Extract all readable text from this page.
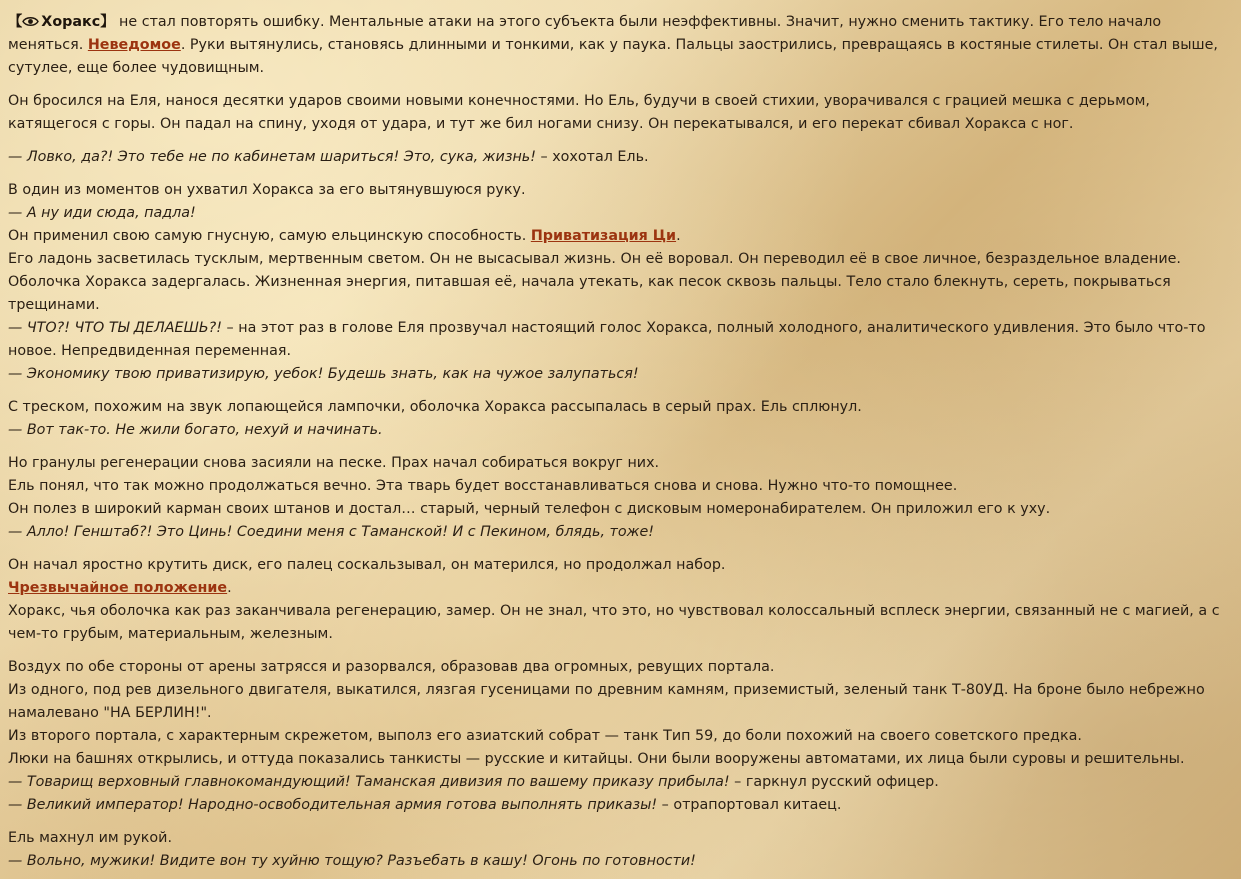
【 Хоракс】 не стал повторять ошибку. Ментальные атаки на этого субъекта были неэффективны. Значит, нужно сменить тактику. Его тело начало меняться. Неведомое. Руки вытянулись, становясь длинными и тонкими, как у паука. Пальцы заострились, превращаясь в костяные стилеты. Он стал выше, сутулее, еще более чудовищным.
Он бросился на Еля, нанося десятки ударов своими новыми конечностями. Но Ель, будучи в своей стихии, уворачивался с грацией мешка с дерьмом, катящегося с горы. Он падал на спину, уходя от удара, и тут же бил ногами снизу. Он перекатывался, и его перекат сбивал Хоракса с ног.
— Ловко, да?! Это тебе не по кабинетам шариться! Это, сука, жизнь! – хохотал Ель.
В один из моментов он ухватил Хоракса за его вытянувшуюся руку.
— А ну иди сюда, падла!
Он применил свою самую гнусную, самую ельцинскую способность. Приватизация Ци.
Его ладонь засветилась тусклым, мертвенным светом. Он не высасывал жизнь. Он её воровал. Он переводил её в свое личное, безраздельное владение.
Оболочка Хоракса задергалась. Жизненная энергия, питавшая её, начала утекать, как песок сквозь пальцы. Тело стало блекнуть, сереть, покрываться трещинами.
— ЧТО?! ЧТО ТЫ ДЕЛАЕШЬ?! – на этот раз в голове Еля прозвучал настоящий голос Хоракса, полный холодного, аналитического удивления. Это было что-то новое. Непредвиденная переменная.
— Экономику твою приватизирую, уебок! Будешь знать, как на чужое залупаться!
С треском, похожим на звук лопающейся лампочки, оболочка Хоракса рассыпалась в серый прах. Ель сплюнул.
— Вот так-то. Не жили богато, нехуй и начинать.
Но гранулы регенерации снова засияли на песке. Прах начал собираться вокруг них.
Ель понял, что так можно продолжаться вечно. Эта тварь будет восстанавливаться снова и снова. Нужно что-то помощнее.
Он полез в широкий карман своих штанов и достал… старый, черный телефон с дисковым номеронабирателем. Он приложил его к уху.
— Алло! Генштаб?! Это Цинь! Соедини меня с Таманской! И с Пекином, блядь, тоже!
Он начал яростно крутить диск, его палец соскальзывал, он матерился, но продолжал набор.
Чрезвычайное положение.
Хоракс, чья оболочка как раз заканчивала регенерацию, замер. Он не знал, что это, но чувствовал колоссальный всплеск энергии, связанный не с магией, а с чем-то грубым, материальным, железным.
Воздух по обе стороны от арены затрясся и разорвался, образовав два огромных, ревущих портала.
Из одного, под рев дизельного двигателя, выкатился, лязгая гусеницами по древним камням, приземистый, зеленый танк Т-80УД. На броне было небрежно намалевано "НА БЕРЛИН!".
Из второго портала, с характерным скрежетом, выполз его азиатский собрат — танк Тип 59, до боли похожий на своего советского предка.
Люки на башнях открылись, и оттуда показались танкисты — русские и китайцы. Они были вооружены автоматами, их лица были суровы и решительны.
— Товарищ верховный главнокомандующий! Таманская дивизия по вашему приказу прибыла! – гаркнул русский офицер.
— Великий император! Народно-освободительная армия готова выполнять приказы! – отрапортовал китаец.
Ель махнул им рукой.
— Вольно, мужики! Видите вон ту хуйню тощую? Разъебать в кашу! Огонь по готовности!
